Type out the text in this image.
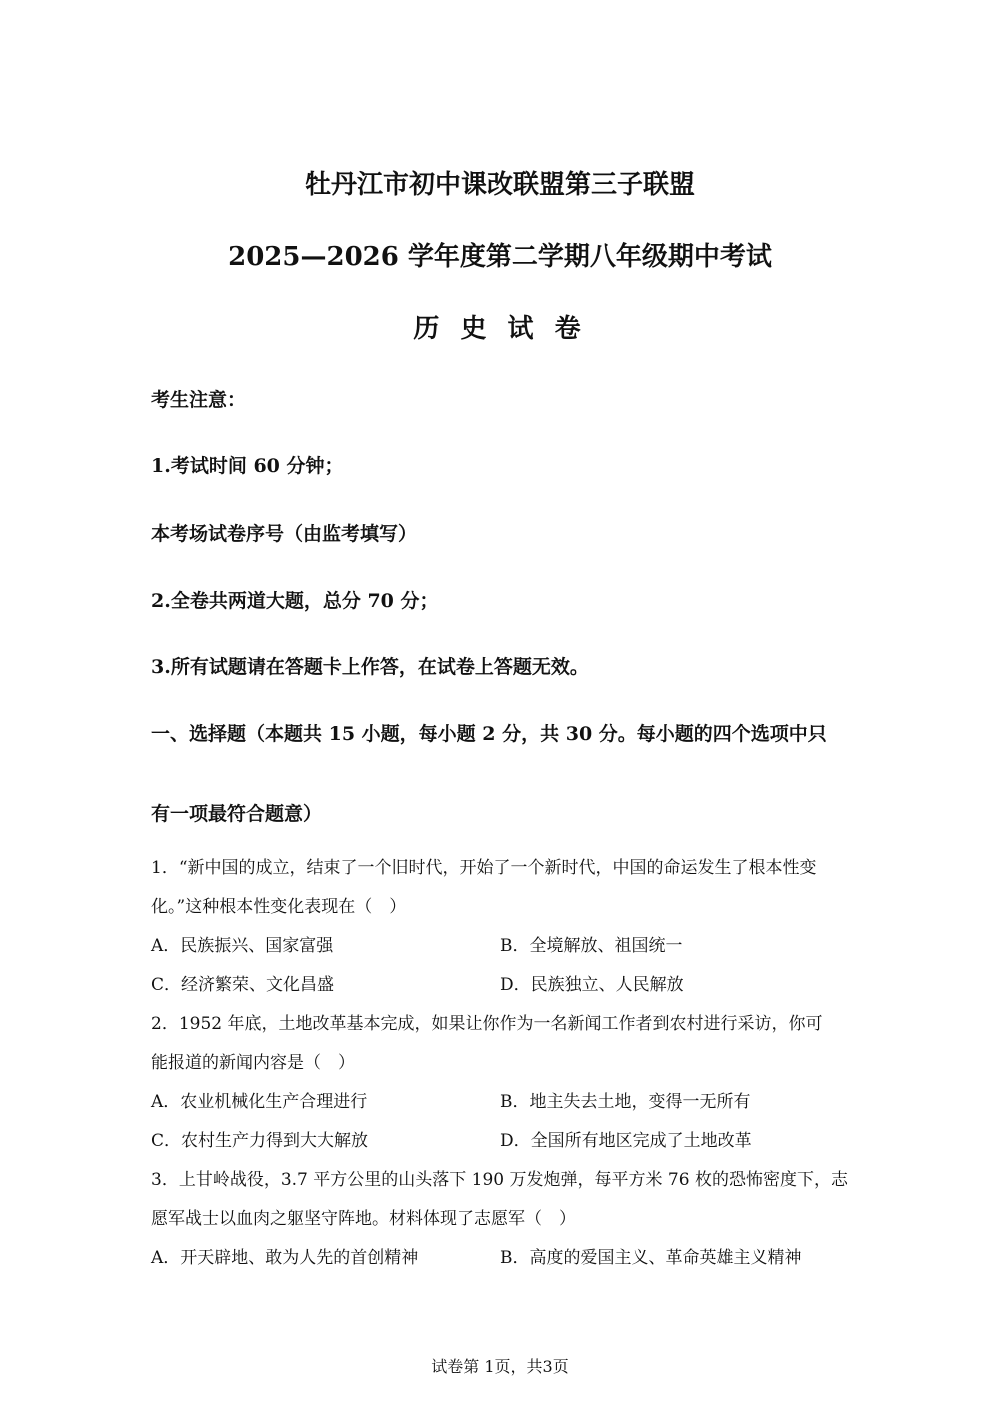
牡丹江市初中课改联盟第三子联盟
2025—2026 学年度第二学期八年级期中考试
历 史 试 卷
考生注意：
1.考试时间 60 分钟；
本考场试卷序号（由监考填写）
2.全卷共两道大题，总分 70 分；
3.所有试题请在答题卡上作答，在试卷上答题无效。
一、选择题（本题共 15 小题，每小题 2 分，共 30 分。每小题的四个选项中只
有一项最符合题意）
1．“新中国的成立，结束了一个旧时代，开始了一个新时代，中国的命运发生了根本性变
化。”这种根本性变化表现在（　）
A．民族振兴、国家富强	B．全境解放、祖国统一
C．经济繁荣、文化昌盛	D．民族独立、人民解放
2．1952 年底，土地改革基本完成，如果让你作为一名新闻工作者到农村进行采访，你可
能报道的新闻内容是（　）
A．农业机械化生产合理进行	B．地主失去土地，变得一无所有
C．农村生产力得到大大解放	D．全国所有地区完成了土地改革
3．上甘岭战役，3.7 平方公里的山头落下 190 万发炮弹，每平方米 76 枚的恐怖密度下，志
愿军战士以血肉之躯坚守阵地。材料体现了志愿军（　）
A．开天辟地、敢为人先的首创精神	B．高度的爱国主义、革命英雄主义精神
试卷第 1页，共3页
